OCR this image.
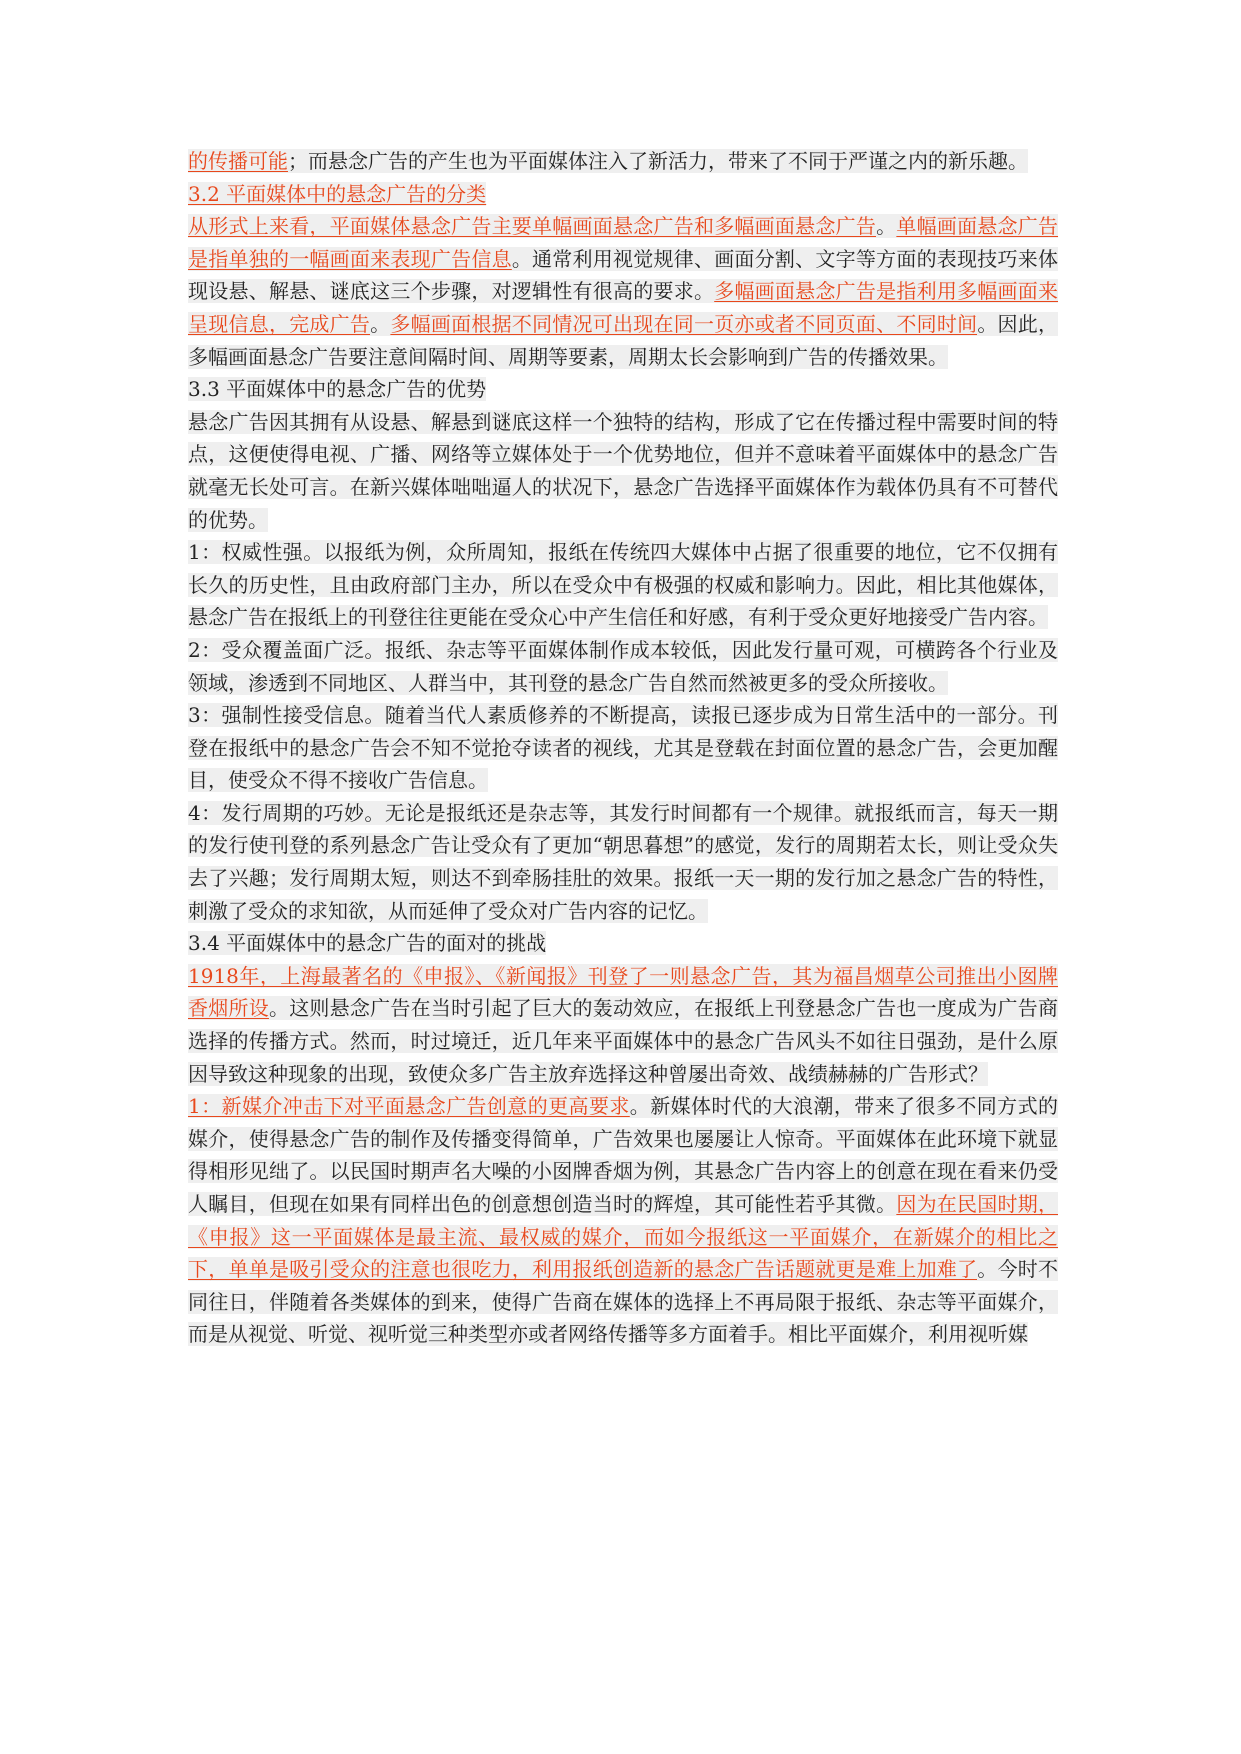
的传播可能；而悬念广告的产生也为平面媒体注入了新活力，带来了不同于严谨之内的新乐趣。

3.2 平面媒体中的悬念广告的分类

从形式上来看，平面媒体悬念广告主要单幅画面悬念广告和多幅画面悬念广告。单幅画面悬念广告是指单独的一幅画面来表现广告信息。通常利用视觉规律、画面分割、文字等方面的表现技巧来体现设悬、解悬、谜底这三个步骤，对逻辑性有很高的要求。多幅画面悬念广告是指利用多幅画面来呈现信息，完成广告。多幅画面根据不同情况可出现在同一页亦或者不同页面、不同时间。因此，多幅画面悬念广告要注意间隔时间、周期等要素，周期太长会影响到广告的传播效果。

3.3 平面媒体中的悬念广告的优势

悬念广告因其拥有从设悬、解悬到谜底这样一个独特的结构，形成了它在传播过程中需要时间的特点，这便使得电视、广播、网络等立媒体处于一个优势地位，但并不意味着平面媒体中的悬念广告就毫无长处可言。在新兴媒体咄咄逼人的状况下，悬念广告选择平面媒体作为载体仍具有不可替代的优势。

1：权威性强。以报纸为例，众所周知，报纸在传统四大媒体中占据了很重要的地位，它不仅拥有长久的历史性，且由政府部门主办，所以在受众中有极强的权威和影响力。因此，相比其他媒体，悬念广告在报纸上的刊登往往更能在受众心中产生信任和好感，有利于受众更好地接受广告内容。

2：受众覆盖面广泛。报纸、杂志等平面媒体制作成本较低，因此发行量可观，可横跨各个行业及领域，渗透到不同地区、人群当中，其刊登的悬念广告自然而然被更多的受众所接收。

3：强制性接受信息。随着当代人素质修养的不断提高，读报已逐步成为日常生活中的一部分。刊登在报纸中的悬念广告会不知不觉抢夺读者的视线，尤其是登载在封面位置的悬念广告，会更加醒目，使受众不得不接收广告信息。

4：发行周期的巧妙。无论是报纸还是杂志等，其发行时间都有一个规律。就报纸而言，每天一期的发行使刊登的系列悬念广告让受众有了更加“朝思暮想”的感觉，发行的周期若太长，则让受众失去了兴趣；发行周期太短，则达不到牵肠挂肚的效果。报纸一天一期的发行加之悬念广告的特性，刺激了受众的求知欲，从而延伸了受众对广告内容的记忆。

3.4 平面媒体中的悬念广告的面对的挑战

1918年，上海最著名的《申报》、《新闻报》刊登了一则悬念广告，其为福昌烟草公司推出小囡牌香烟所设。这则悬念广告在当时引起了巨大的轰动效应，在报纸上刊登悬念广告也一度成为广告商选择的传播方式。然而，时过境迁，近几年来平面媒体中的悬念广告风头不如往日强劲，是什么原因导致这种现象的出现，致使众多广告主放弃选择这种曾屡出奇效、战绩赫赫的广告形式？

1：新媒介冲击下对平面悬念广告创意的更高要求。新媒体时代的大浪潮，带来了很多不同方式的媒介，使得悬念广告的制作及传播变得简单，广告效果也屡屡让人惊奇。平面媒体在此环境下就显得相形见绌了。以民国时期声名大噪的小囡牌香烟为例，其悬念广告内容上的创意在现在看来仍受人瞩目，但现在如果有同样出色的创意想创造当时的辉煌，其可能性若乎其微。因为在民国时期，《申报》这一平面媒体是最主流、最权威的媒介，而如今报纸这一平面媒介，在新媒介的相比之下，单单是吸引受众的注意也很吃力，利用报纸创造新的悬念广告话题就更是难上加难了。今时不同往日，伴随着各类媒体的到来，使得广告商在媒体的选择上不再局限于报纸、杂志等平面媒介，而是从视觉、听觉、视听觉三种类型亦或者网络传播等多方面着手。相比平面媒介，利用视听媒
